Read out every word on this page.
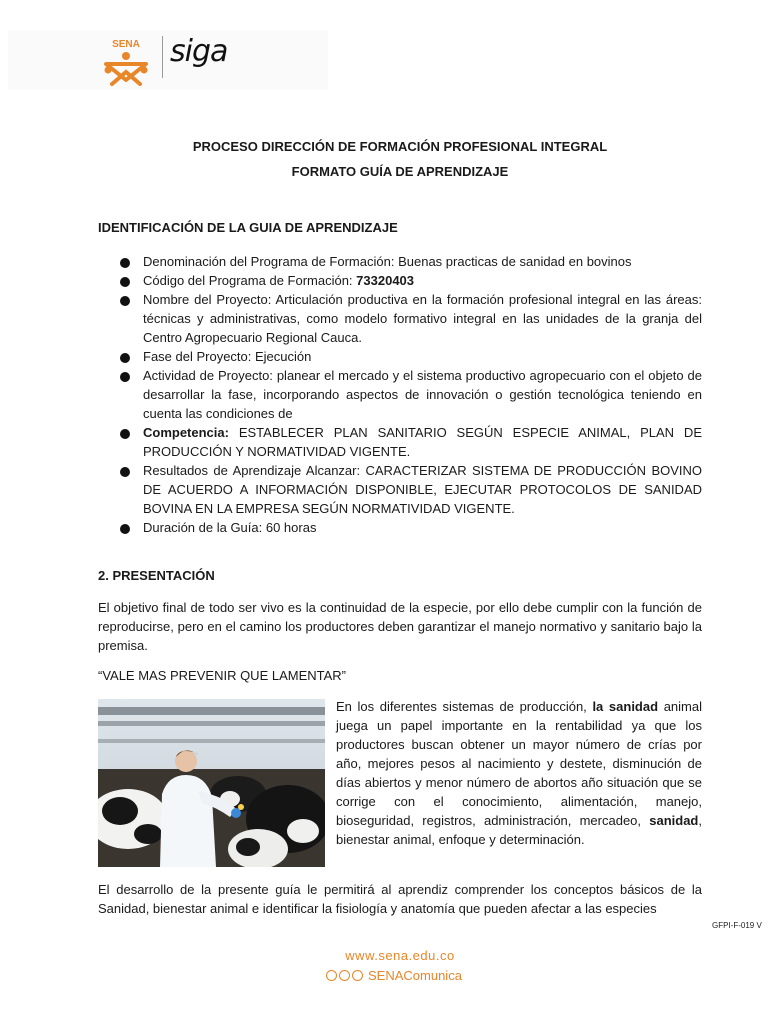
SENA siga
PROCESO DIRECCIÓN DE FORMACIÓN PROFESIONAL INTEGRAL
FORMATO GUÍA DE APRENDIZAJE
IDENTIFICACIÓN DE LA GUIA DE APRENDIZAJE
Denominación del Programa de Formación: Buenas practicas de sanidad en bovinos
Código del Programa de Formación: 73320403
Nombre del Proyecto: Articulación productiva en la formación profesional integral en las áreas: técnicas y administrativas, como modelo formativo integral en las unidades de la granja del Centro Agropecuario Regional Cauca.
Fase del Proyecto: Ejecución
Actividad de Proyecto: planear el mercado y el sistema productivo agropecuario con el objeto de desarrollar la fase, incorporando aspectos de innovación o gestión tecnológica teniendo en cuenta las condiciones de
Competencia: ESTABLECER PLAN SANITARIO SEGÚN ESPECIE ANIMAL, PLAN DE PRODUCCIÓN Y NORMATIVIDAD VIGENTE.
Resultados de Aprendizaje Alcanzar: CARACTERIZAR SISTEMA DE PRODUCCIÓN BOVINO DE ACUERDO A INFORMACIÓN DISPONIBLE, EJECUTAR PROTOCOLOS DE SANIDAD BOVINA EN LA EMPRESA SEGÚN NORMATIVIDAD VIGENTE.
Duración de la Guía: 60 horas
2. PRESENTACIÓN
El objetivo final de todo ser vivo es la continuidad de la especie, por ello debe cumplir con la función de reproducirse, pero en el camino los productores deben garantizar el manejo normativo y sanitario bajo la premisa.
“VALE MAS PREVENIR QUE LAMENTAR”
En los diferentes sistemas de producción, la sanidad animal juega un papel importante en la rentabilidad ya que los productores buscan obtener un mayor número de crías por año, mejores pesos al nacimiento y destete, disminución de días abiertos y menor número de abortos año situación que se corrige con el conocimiento, alimentación, manejo, bioseguridad, registros, administración, mercadeo, sanidad, bienestar animal, enfoque y determinación.
El desarrollo de la presente guía le permitirá al aprendiz comprender los conceptos básicos de la Sanidad, bienestar animal e identificar la fisiología y anatomía que pueden afectar a las especies
GFPI-F-019 V
www.sena.edu.co
SENAComunica
